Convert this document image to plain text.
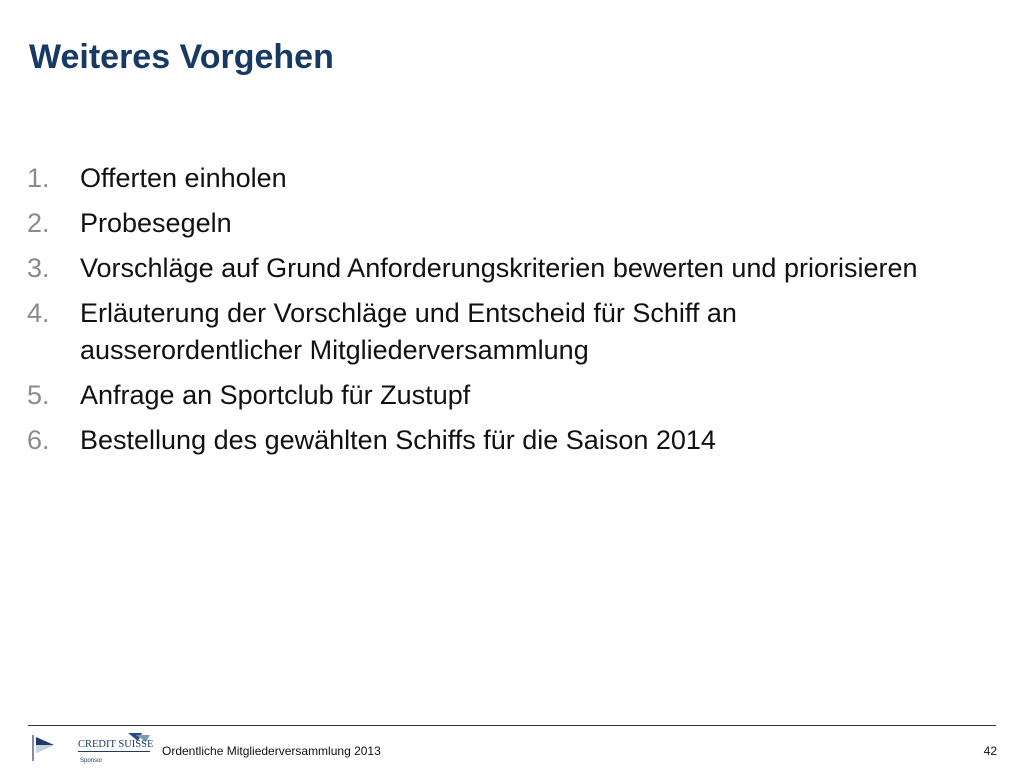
Weiteres Vorgehen
1. Offerten einholen
2. Probesegeln
3. Vorschläge auf Grund Anforderungskriterien bewerten und priorisieren
4. Erläuterung der Vorschläge und Entscheid für Schiff an ausserordentlicher Mitgliederversammlung
5. Anfrage an Sportclub für Zustupf
6. Bestellung des gewählten Schiffs für die Saison 2014
CREDIT SUISSE
Sponsor
Ordentliche Mitgliederversammlung 2013	42
